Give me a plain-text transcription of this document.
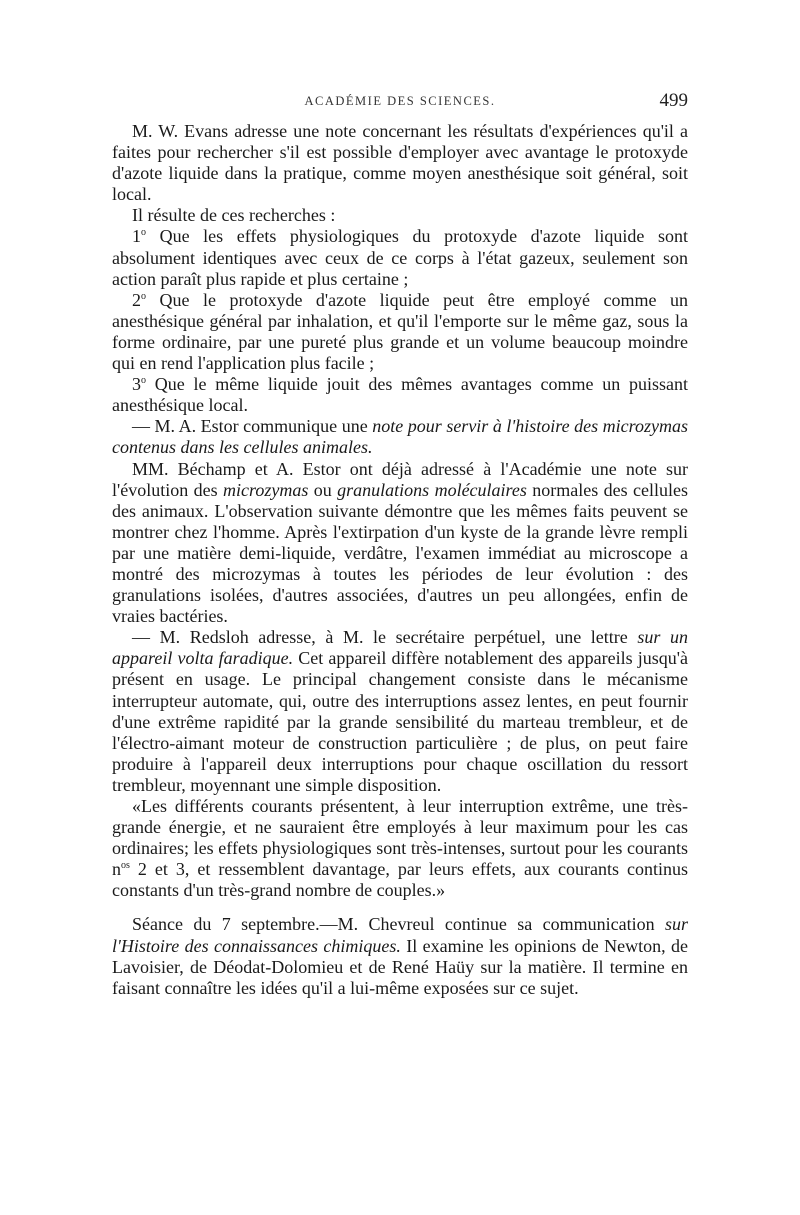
ACADÉMIE DES SCIENCES.	499

M. W. Evans adresse une note concernant les résultats d'expériences qu'il a faites pour rechercher s'il est possible d'employer avec avantage le protoxyde d'azote liquide dans la pratique, comme moyen anesthésique soit général, soit local.

Il résulte de ces recherches :

1$^o$ Que les effets physiologiques du protoxyde d'azote liquide sont absolument identiques avec ceux de ce corps à l'état gazeux, seulement son action paraît plus rapide et plus certaine ;

2$^o$ Que le protoxyde d'azote liquide peut être employé comme un anesthésique général par inhalation, et qu'il l'emporte sur le même gaz, sous la forme ordinaire, par une pureté plus grande et un volume beaucoup moindre qui en rend l'application plus facile ;

3$^o$ Que le même liquide jouit des mêmes avantages comme un puissant anesthésique local.

— M. A. Estor communique une note pour servir à l'histoire des microzymas contenus dans les cellules animales.

MM. Béchamp et A. Estor ont déjà adressé à l'Académie une note sur l'évolution des microzymas ou granulations moléculaires normales des cellules des animaux. L'observation suivante démontre que les mêmes faits peuvent se montrer chez l'homme. Après l'extirpation d'un kyste de la grande lèvre rempli par une matière demi-liquide, verdâtre, l'examen immédiat au microscope a montré des microzymas à toutes les périodes de leur évolution : des granulations isolées, d'autres associées, d'autres un peu allongées, enfin de vraies bactéries.

— M. Redsloh adresse, à M. le secrétaire perpétuel, une lettre sur un appareil volta faradique. Cet appareil diffère notablement des appareils jusqu'à présent en usage. Le principal changement consiste dans le mécanisme interrupteur automate, qui, outre des interruptions assez lentes, en peut fournir d'une extrême rapidité par la grande sensibilité du marteau trembleur, et de l'électro-aimant moteur de construction particulière ; de plus, on peut faire produire à l'appareil deux interruptions pour chaque oscillation du ressort trembleur, moyennant une simple disposition.

«Les différents courants présentent, à leur interruption extrême, une très-grande énergie, et ne sauraient être employés à leur maximum pour les cas ordinaires; les effets physiologiques sont très-intenses, surtout pour les courants $n^{os}$ 2 et 3, et ressemblent davantage, par leurs effets, aux courants continus constants d'un très-grand nombre de couples.»

Séance du 7 septembre.—M. Chevreul continue sa communication sur l'Histoire des connaissances chimiques. Il examine les opinions de Newton, de Lavoisier, de Déodat-Dolomieu et de René Haüy sur la matière. Il termine en faisant connaître les idées qu'il a lui-même exposées sur ce sujet.
